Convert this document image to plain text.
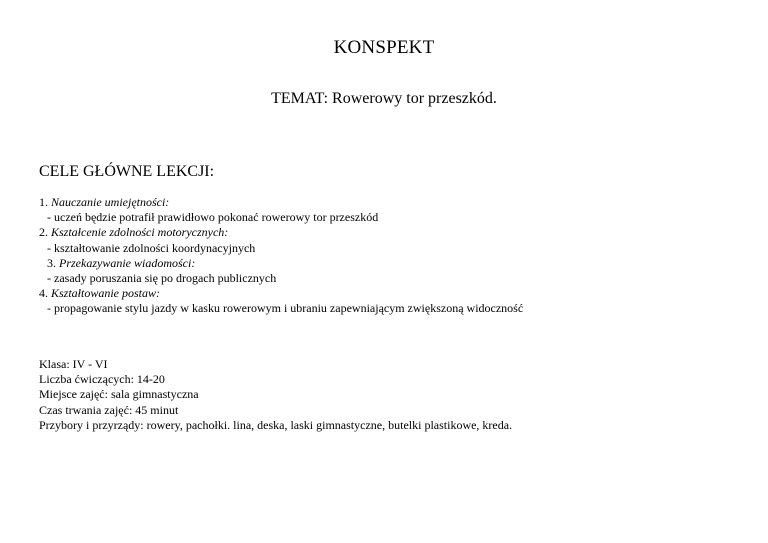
KONSPEKT
TEMAT: Rowerowy tor przeszkód.
CELE GŁÓWNE LEKCJI:
1. Nauczanie umiejętności:
- uczeń będzie potrafił prawidłowo pokonać rowerowy tor przeszkód
2. Kształcenie zdolności motorycznych:
- kształtowanie zdolności koordynacyjnych
3. Przekazywanie wiadomości:
- zasady poruszania się po drogach publicznych
4. Kształtowanie postaw:
- propagowanie stylu jazdy w kasku rowerowym i ubraniu zapewniającym zwiększoną widoczność
Klasa: IV - VI
Liczba ćwiczących: 14-20
Miejsce zajęć: sala gimnastyczna
Czas trwania zajęć: 45 minut
Przybory i przyrządy: rowery, pachołki. lina, deska, laski gimnastyczne, butelki plastikowe, kreda.
